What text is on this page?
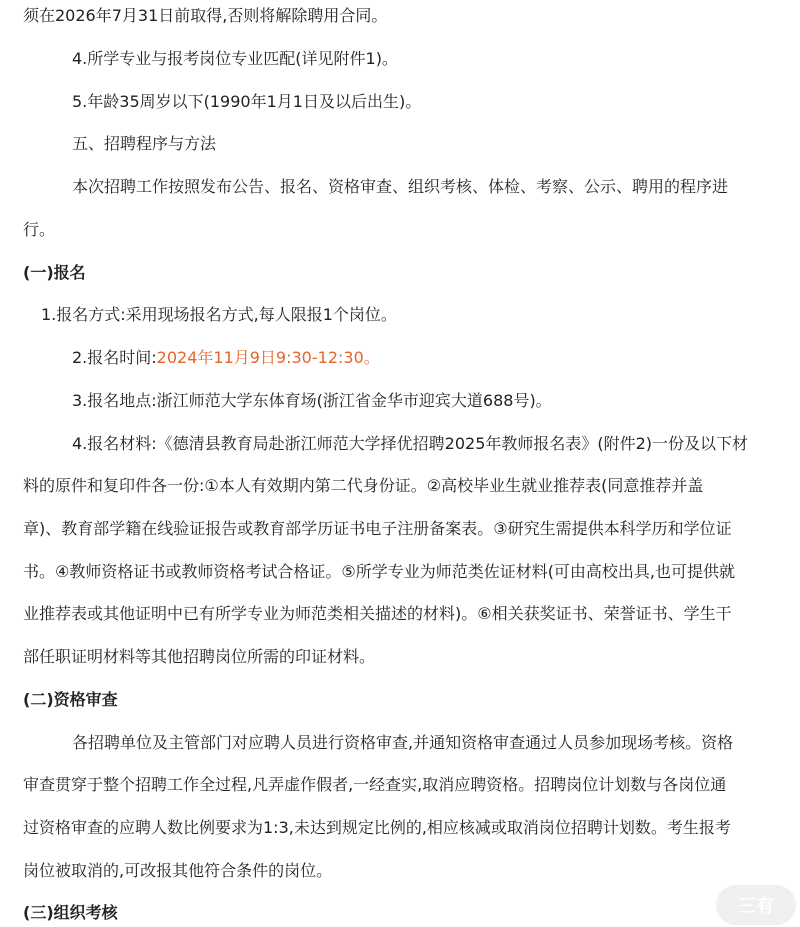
须在2026年7月31日前取得,否则将解除聘用合同。
4.所学专业与报考岗位专业匹配(详见附件1)。
5.年龄35周岁以下(1990年1月1日及以后出生)。
五、招聘程序与方法
本次招聘工作按照发布公告、报名、资格审查、组织考核、体检、考察、公示、聘用的程序进
行。
(一)报名
1.报名方式:采用现场报名方式,每人限报1个岗位。
2.报名时间:2024年11月9日9:30-12:30。
3.报名地点:浙江师范大学东体育场(浙江省金华市迎宾大道688号)。
4.报名材料:《德清县教育局赴浙江师范大学择优招聘2025年教师报名表》(附件2)一份及以下材
料的原件和复印件各一份:①本人有效期内第二代身份证。②高校毕业生就业推荐表(同意推荐并盖
章)、教育部学籍在线验证报告或教育部学历证书电子注册备案表。③研究生需提供本科学历和学位证
书。④教师资格证书或教师资格考试合格证。⑤所学专业为师范类佐证材料(可由高校出具,也可提供就
业推荐表或其他证明中已有所学专业为师范类相关描述的材料)。⑥相关获奖证书、荣誉证书、学生干
部任职证明材料等其他招聘岗位所需的印证材料。
(二)资格审查
各招聘单位及主管部门对应聘人员进行资格审查,并通知资格审查通过人员参加现场考核。资格
审查贯穿于整个招聘工作全过程,凡弄虚作假者,一经查实,取消应聘资格。招聘岗位计划数与各岗位通
过资格审查的应聘人数比例要求为1:3,未达到规定比例的,相应核减或取消岗位招聘计划数。考生报考
岗位被取消的,可改报其他符合条件的岗位。
(三)组织考核	三有
